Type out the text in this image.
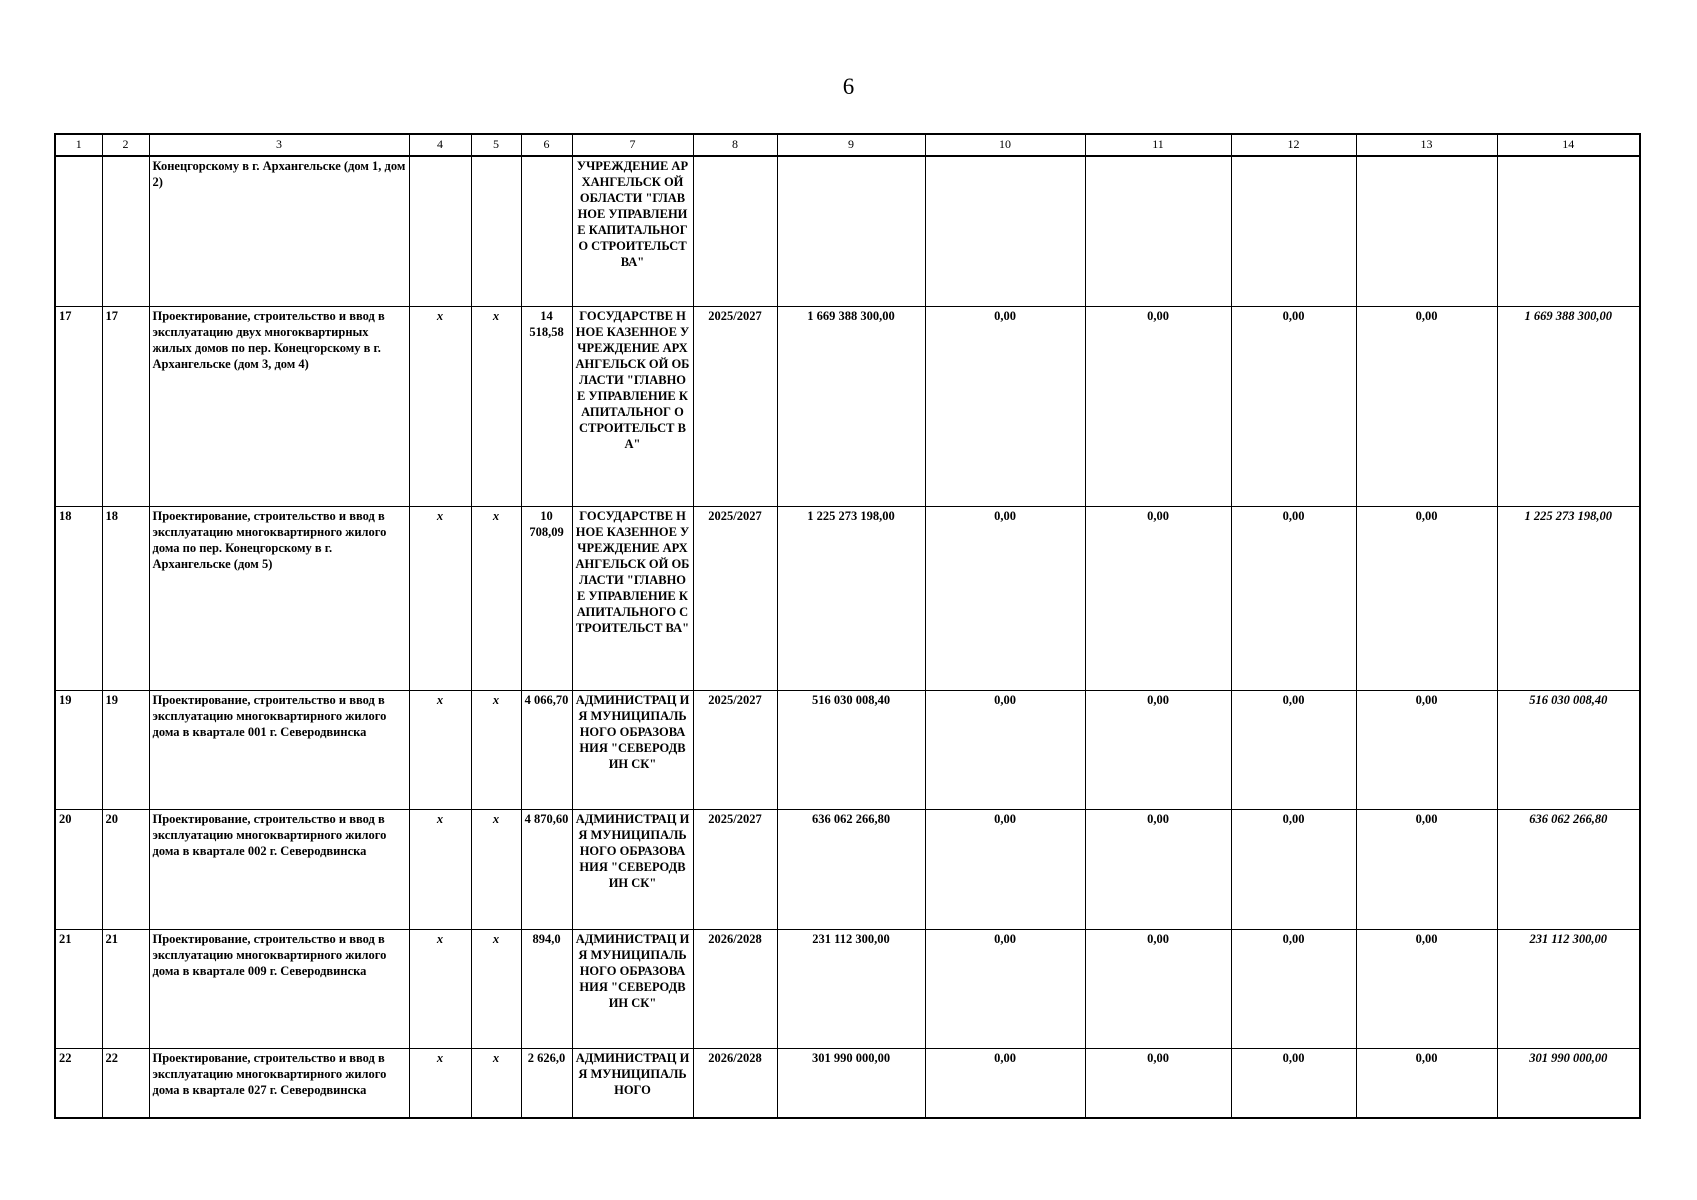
6
1	2	3	4	5	6	7	8	9	10	11	12	13	14
		Конецгорскому в г. Архангельске (дом 1, дом 2)				УЧРЕЖДЕНИЕ АРХАНГЕЛЬСК ОЙ ОБЛАСТИ "ГЛАВНОЕ УПРАВЛЕНИЕ КАПИТАЛЬНОГ О СТРОИТЕЛЬСТ ВА"							
17	17	Проектирование, строительство и ввод в эксплуатацию двух многоквартирных жилых домов по пер. Конецгорскому в г. Архангельске (дом 3, дом 4)	х	х	14 518,58	ГОСУДАРСТВЕ ННОЕ КАЗЕННОЕ УЧРЕЖДЕНИЕ АРХАНГЕЛЬСК ОЙ ОБЛАСТИ "ГЛАВНОЕ УПРАВЛЕНИЕ КАПИТАЛЬНОГ О СТРОИТЕЛЬСТ ВА"	2025/2027	1 669 388 300,00	0,00	0,00	0,00	0,00	1 669 388 300,00
18	18	Проектирование, строительство и ввод в эксплуатацию многоквартирного жилого дома по пер. Конецгорскому в г. Архангельске (дом 5)	х	х	10 708,09	ГОСУДАРСТВЕ ННОЕ КАЗЕННОЕ УЧРЕЖДЕНИЕ АРХАНГЕЛЬСК ОЙ ОБЛАСТИ "ГЛАВНОЕ УПРАВЛЕНИЕ КАПИТАЛЬНОГО СТРОИТЕЛЬСТ ВА"	2025/2027	1 225 273 198,00	0,00	0,00	0,00	0,00	1 225 273 198,00
19	19	Проектирование, строительство и ввод в эксплуатацию многоквартирного жилого дома в квартале 001 г. Северодвинска	х	х	4 066,70	АДМИНИСТРАЦ ИЯ МУНИЦИПАЛЬ НОГО ОБРАЗОВАНИЯ "СЕВЕРОДВИН СК"	2025/2027	516 030 008,40	0,00	0,00	0,00	0,00	516 030 008,40
20	20	Проектирование, строительство и ввод в эксплуатацию многоквартирного жилого дома в квартале 002 г. Северодвинска	х	х	4 870,60	АДМИНИСТРАЦ ИЯ МУНИЦИПАЛЬ НОГО ОБРАЗОВАНИЯ "СЕВЕРОДВИН СК"	2025/2027	636 062 266,80	0,00	0,00	0,00	0,00	636 062 266,80
21	21	Проектирование, строительство и ввод в эксплуатацию многоквартирного жилого дома в квартале 009 г. Северодвинска	х	х	894,0	АДМИНИСТРАЦ ИЯ МУНИЦИПАЛЬ НОГО ОБРАЗОВАНИЯ "СЕВЕРОДВИН СК"	2026/2028	231 112 300,00	0,00	0,00	0,00	0,00	231 112 300,00
22	22	Проектирование, строительство и ввод в эксплуатацию многоквартирного жилого дома в квартале 027 г. Северодвинска	х	х	2 626,0	АДМИНИСТРАЦ ИЯ МУНИЦИПАЛЬ НОГО	2026/2028	301 990 000,00	0,00	0,00	0,00	0,00	301 990 000,00
